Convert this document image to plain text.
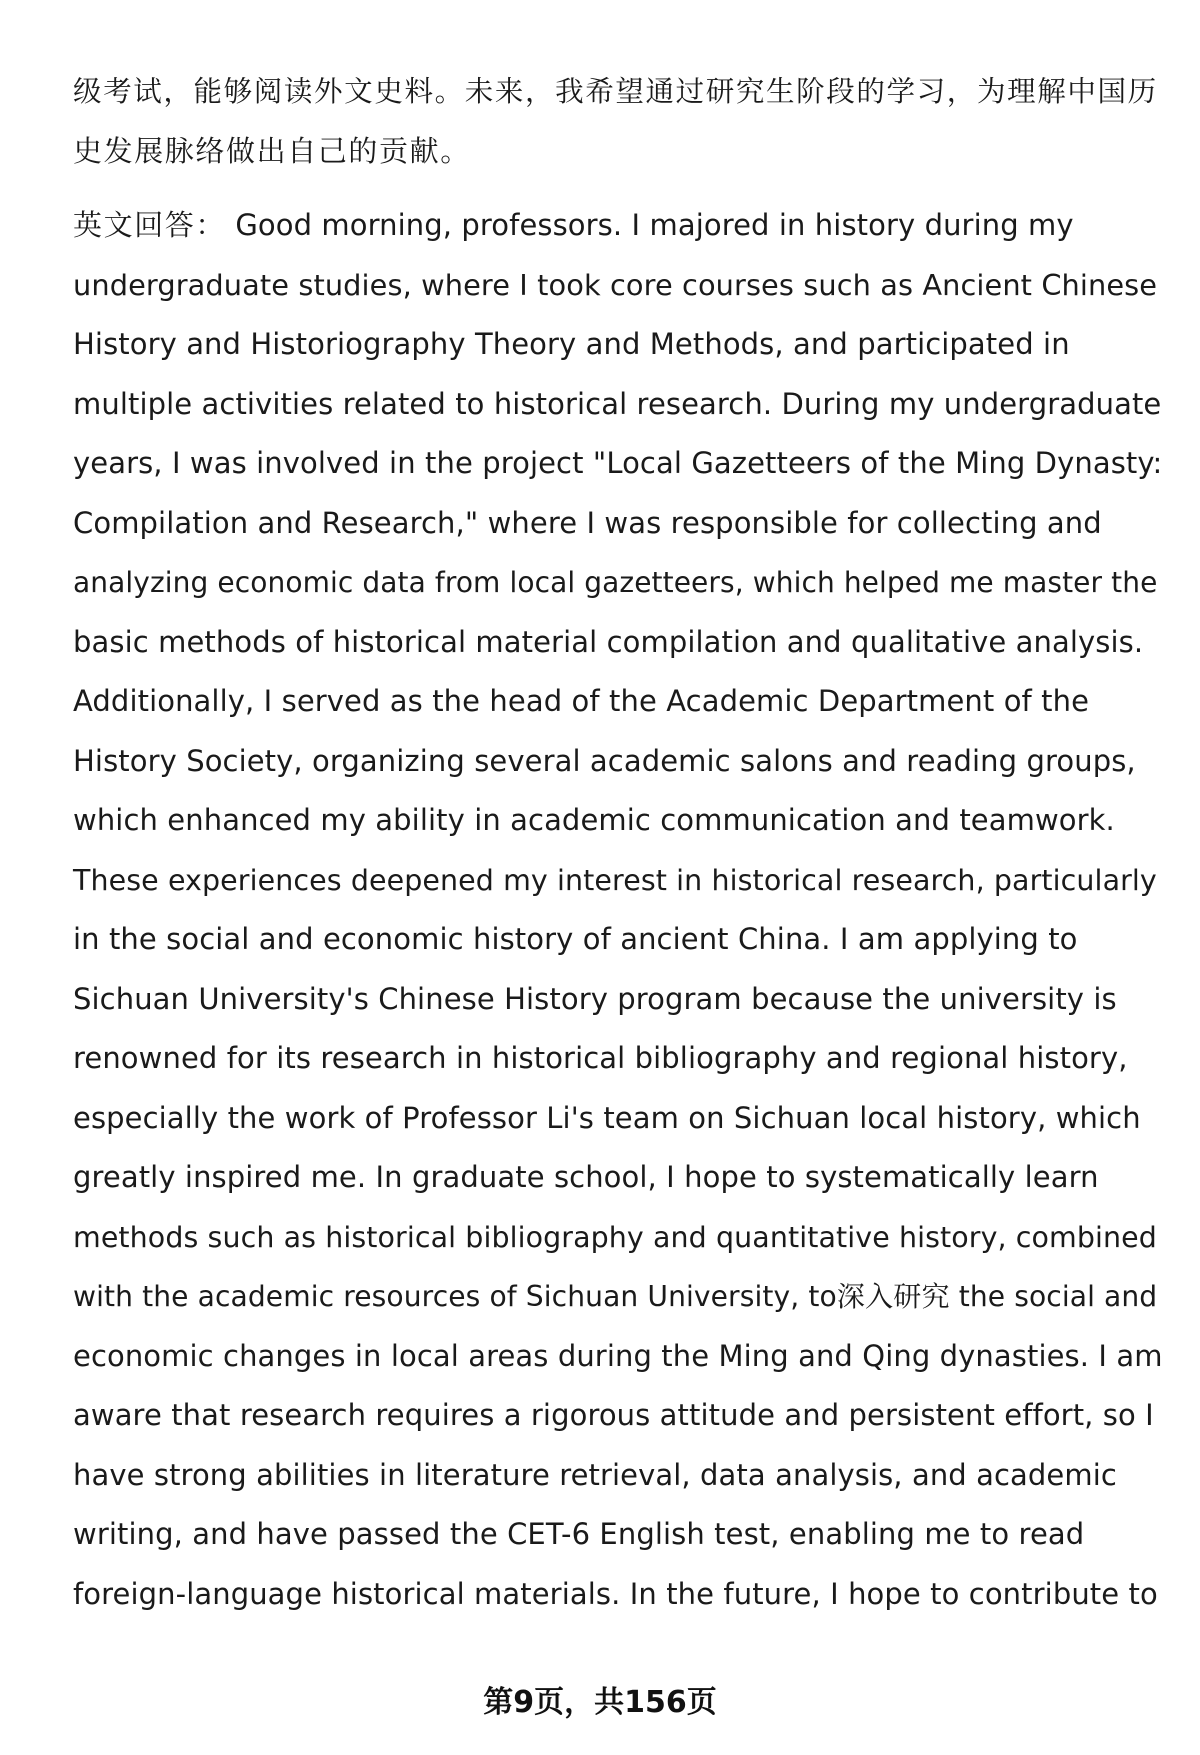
级考试，能够阅读外文史料。未来，我希望通过研究生阶段的学习，为理解中国历
史发展脉络做出自己的贡献。
英文回答： Good morning, professors. I majored in history during my
undergraduate studies, where I took core courses such as Ancient Chinese
History and Historiography Theory and Methods, and participated in
multiple activities related to historical research. During my undergraduate
years, I was involved in the project "Local Gazetteers of the Ming Dynasty:
Compilation and Research," where I was responsible for collecting and
analyzing economic data from local gazetteers, which helped me master the
basic methods of historical material compilation and qualitative analysis.
Additionally, I served as the head of the Academic Department of the
History Society, organizing several academic salons and reading groups,
which enhanced my ability in academic communication and teamwork.
These experiences deepened my interest in historical research, particularly
in the social and economic history of ancient China. I am applying to
Sichuan University's Chinese History program because the university is
renowned for its research in historical bibliography and regional history,
especially the work of Professor Li's team on Sichuan local history, which
greatly inspired me. In graduate school, I hope to systematically learn
methods such as historical bibliography and quantitative history, combined
with the academic resources of Sichuan University, to深入研究 the social and
economic changes in local areas during the Ming and Qing dynasties. I am
aware that research requires a rigorous attitude and persistent effort, so I
have strong abilities in literature retrieval, data analysis, and academic
writing, and have passed the CET-6 English test, enabling me to read
foreign-language historical materials. In the future, I hope to contribute to
第9页，共156页
